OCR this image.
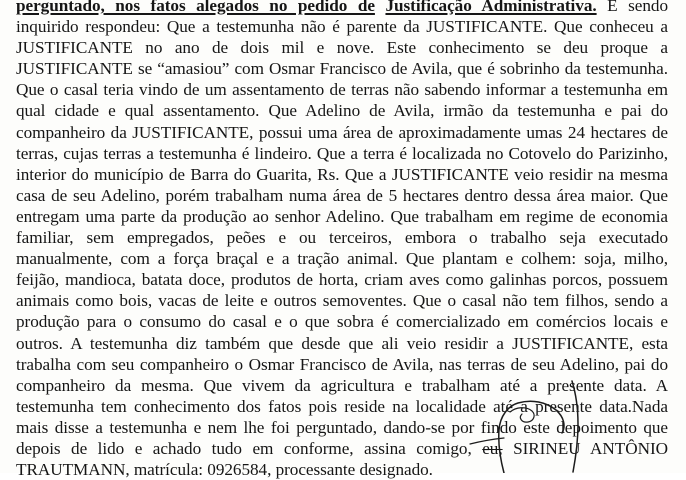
perguntado, nos fatos alegados no pedido de Justificação Administrativa. E sendo
inquirido respondeu: Que a testemunha não é parente da JUSTIFICANTE. Que conheceu a
JUSTIFICANTE no ano de dois mil e nove. Este conhecimento se deu proque a
JUSTIFICANTE se “amasiou” com Osmar Francisco de Avila, que é sobrinho da testemunha.
Que o casal teria vindo de um assentamento de terras não sabendo informar a testemunha em
qual cidade e qual assentamento. Que Adelino de Avila, irmão da testemunha e pai do
companheiro da JUSTIFICANTE, possui uma área de aproximadamente umas 24 hectares de
terras, cujas terras a testemunha é lindeiro. Que a terra é localizada no Cotovelo do Parizinho,
interior do município de Barra do Guarita, Rs. Que a JUSTIFICANTE veio residir na mesma
casa de seu Adelino, porém trabalham numa área de 5 hectares dentro dessa área maior. Que
entregam uma parte da produção ao senhor Adelino. Que trabalham em regime de economia
familiar, sem empregados, peões e ou terceiros, embora o trabalho seja executado
manualmente, com a força braçal e a tração animal. Que plantam e colhem: soja, milho,
feijão, mandioca, batata doce, produtos de horta, criam aves como galinhas porcos, possuem
animais como bois, vacas de leite e outros semoventes. Que o casal não tem filhos, sendo a
produção para o consumo do casal e o que sobra é comercializado em comércios locais e
outros. A testemunha diz também que desde que ali veio residir a JUSTIFICANTE, esta
trabalha com seu companheiro o Osmar Francisco de Avila, nas terras de seu Adelino, pai do
companheiro da mesma. Que vivem da agricultura e trabalham até a presente data. A
testemunha tem conhecimento dos fatos pois reside na localidade até a presente data.Nada
mais disse a testemunha e nem lhe foi perguntado, dando-se por findo este depoimento que
depois de lido e achado tudo em conforme, assina comigo, eu, SIRINEU ANTÔNIO
TRAUTMANN, matrícula: 0926584, processante designado.
